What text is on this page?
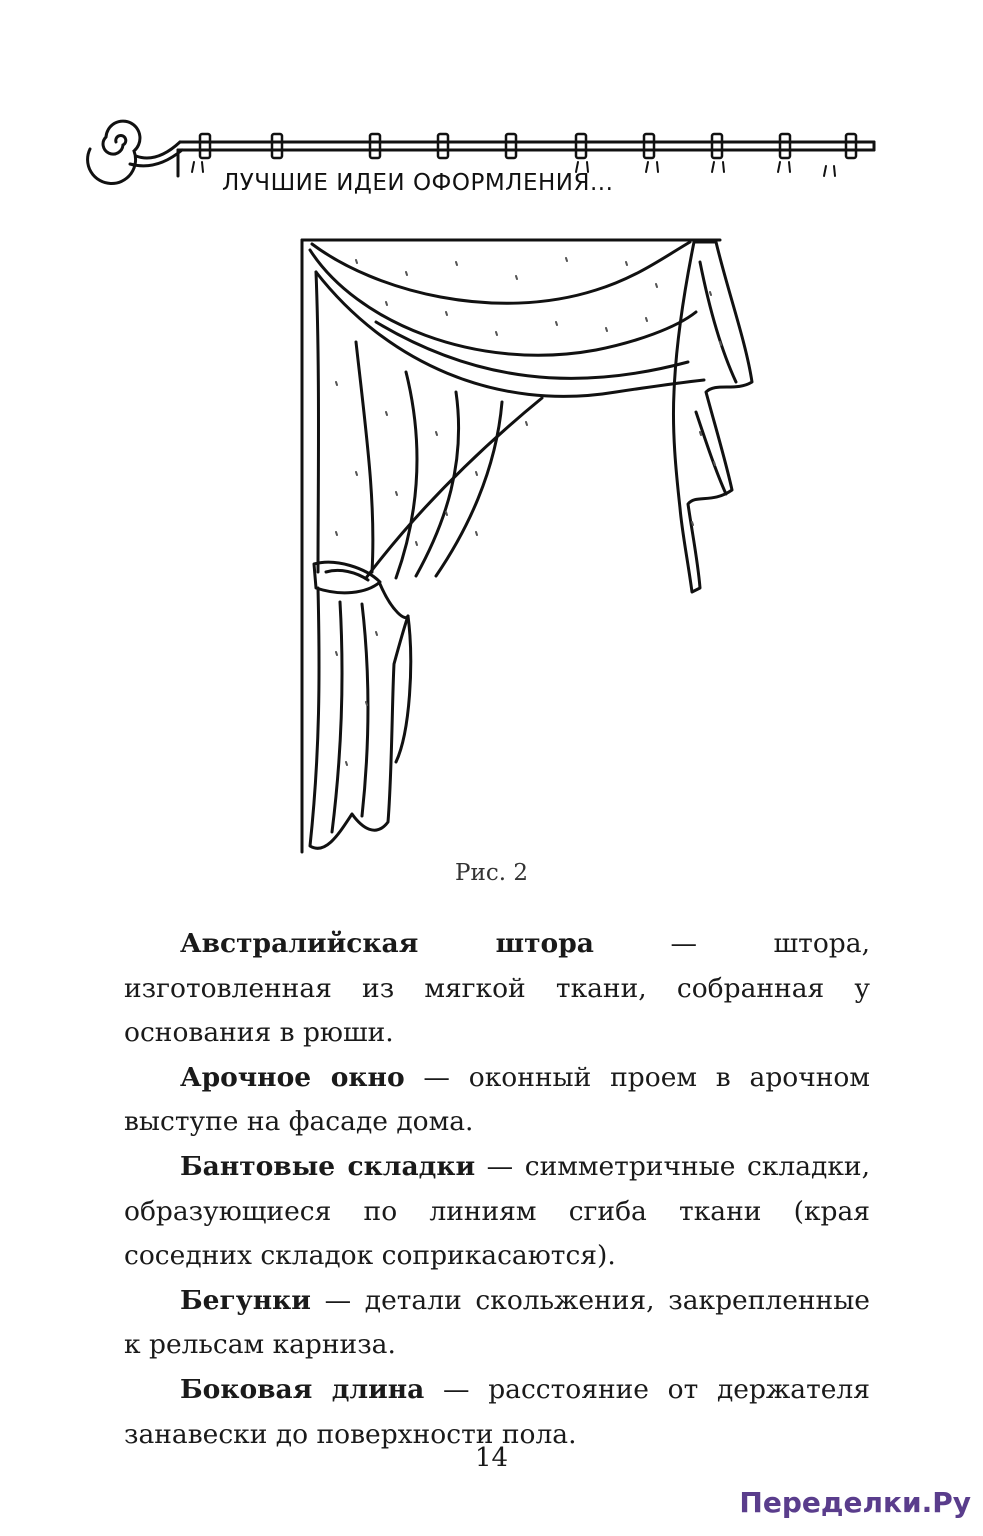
ЛУЧШИЕ ИДЕИ ОФОРМЛЕНИЯ...
Рис. 2

Австралийская штора — штора, изготовленная из мягкой ткани, собранная у основания в рюши.

Арочное окно — оконный проем в арочном выступе на фасаде дома.

Бантовые складки — симметричные складки, образующиеся по линиям сгиба ткани (края соседних складок соприкасаются).

Бегунки — детали скольжения, закрепленные к рельсам карниза.

Боковая длина — расстояние от держателя занавески до поверхности пола.

14
Переделки.Ру
